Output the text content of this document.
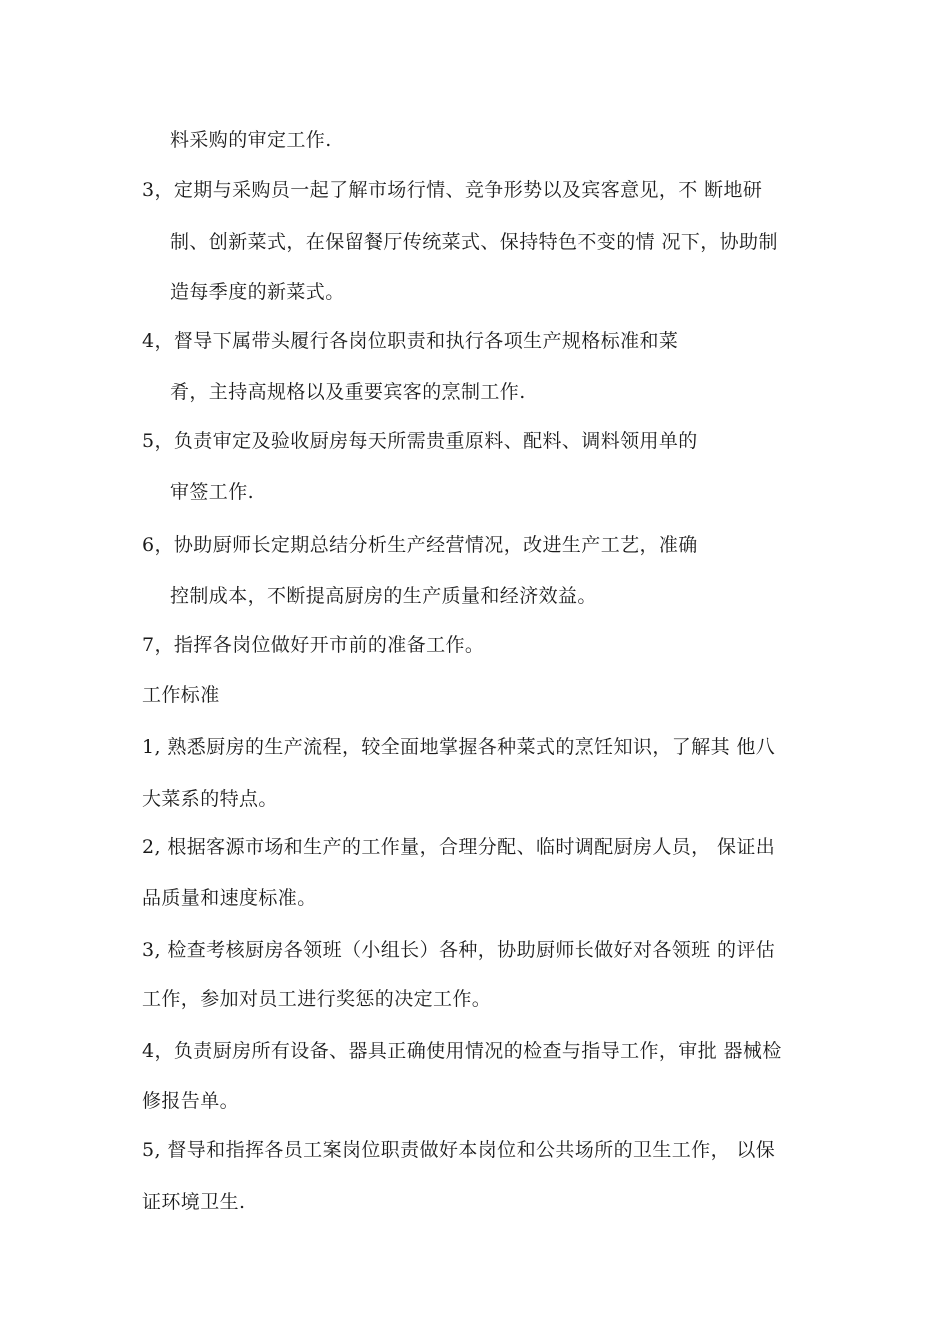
料采购的审定工作.
3，定期与采购员一起了解市场行情、竞争形势以及宾客意见，不 断地研
制、创新菜式，在保留餐厅传统菜式、保持特色不变的情 况下，协助制
造每季度的新菜式。
4，督导下属带头履行各岗位职责和执行各项生产规格标准和菜
肴，主持高规格以及重要宾客的烹制工作.
5，负责审定及验收厨房每天所需贵重原料、配料、调料领用单的
审签工作.
6，协助厨师长定期总结分析生产经营情况，改进生产工艺，准确
控制成本，不断提高厨房的生产质量和经济效益。
7，指挥各岗位做好开市前的准备工作。
工作标准
1, 熟悉厨房的生产流程，较全面地掌握各种菜式的烹饪知识，了解其 他八
大菜系的特点。
2, 根据客源市场和生产的工作量，合理分配、临时调配厨房人员， 保证出
品质量和速度标准。
3, 检查考核厨房各领班（小组长）各种，协助厨师长做好对各领班 的评估
工作，参加对员工进行奖惩的决定工作。
4，负责厨房所有设备、器具正确使用情况的检查与指导工作，审批 器械检
修报告单。
5, 督导和指挥各员工案岗位职责做好本岗位和公共场所的卫生工作， 以保
证环境卫生.
